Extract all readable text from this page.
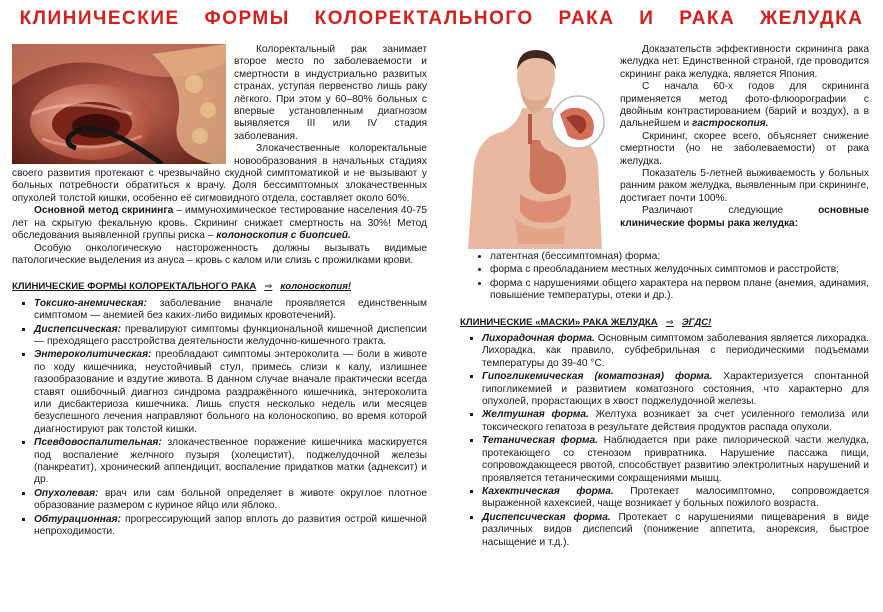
КЛИНИЧЕСКИЕ ФОРМЫ КОЛОРЕКТАЛЬНОГО РАКА И РАКА ЖЕЛУДКА

Колоректальный рак занимает второе место по заболеваемости и смертности в индустриально развитых странах, уступая первенство лишь раку лёгкого. При этом у 60–80% больных с впервые установленным диагнозом выявляется III или IV стадия заболевания.

Злокачественные колоректальные новообразования в начальных стадиях своего развития протекают с чрезвычайно скудной симптоматикой и не вызывают у больных потребности обратиться к врачу. Доля бессимптомных злокачественных опухолей толстой кишки, особенно её сигмовидного отдела, составляет около 60%.

Основной метод скрининга – иммунохимическое тестирование населения 40-75 лет на скрытую фекальную кровь. Скрининг снижает смертность на 30%! Метод обследования выявленной группы риска – колоноскопия с биопсией.

Особую онкологическую настороженность должны вызывать видимые патологические выделения из ануса – кровь с калом или слизь с прожилками крови.

КЛИНИЧЕСКИЕ ФОРМЫ КОЛОРЕКТАЛЬНОГО РАКА ⇒ колоноскопия!
▪ Токсико-анемическая: заболевание вначале проявляется единственным симптомом — анемией без каких-либо видимых кровотечений).
▪ Диспепсическая: превалируют симптомы функциональной кишечной диспепсии — преходящего расстройства деятельности желудочно-кишечного тракта.
▪ Энтероколитическая: преобладают симптомы энтероколита — боли в животе по ходу кишечника, неустойчивый стул, примесь слизи к калу, излишнее газообразование и вздутие живота. В данном случае вначале практически всегда ставят ошибочный диагноз синдрома раздражённого кишечника, энтероколита или дисбактериоза кишечника. Лишь спустя несколько недель или месяцев безуспешного лечения направляют больного на колоноскопию, во время которой диагностируют рак толстой кишки.
▪ Псевдовоспалительная: злокачественное поражение кишечника маскируется под воспаление желчного пузыря (холецистит), поджелудочной железы (панкреатит), хронический аппендицит, воспаление придатков матки (аднексит) и др.
▪ Опухолевая: врач или сам больной определяет в животе округлое плотное образование размером с куриное яйцо или яблоко.
▪ Обтурационная: прогрессирующий запор вплоть до развития острой кишечной непроходимости.

Доказательств эффективности скрининга рака желудка нет. Единственной страной, где проводится скрининг рака желудка, является Япония.

С начала 60-х годов для скрининга применяется метод фото-флюорографии с двойным контрастированием (барий и воздух), а в дальнейшем и гастроскопия.

Скрининг, скорее всего, объясняет снижение смертности (но не заболеваемости) от рака желудка.

Показатель 5-летней выживаемость у больных ранним раком желудка, выявленным при скрининге, достигает почти 100%.

Различают следующие основные клинические формы рака желудка:

• латентная (бессимптомная) форма;
• форма с преобладанием местных желудочных симптомов и расстройств;
• форма с нарушениями общего характера на первом плане (анемия, адинамия, повышение температуры, отеки и др.).
КЛИНИЧЕСКИЕ «МАСКИ» РАКА ЖЕЛУДКА ⇒ ЭГДС!
▪ Лихорадочная форма. Основным симптомом заболевания является лихорадка. Лихорадка, как правило, субфебрильная с периодическими подъемами температуры до 39-40 °С.
▪ Гипогликемическая (коматозная) форма. Характеризуется спонтанной гипогликемией и развитием коматозного состояния, что характерно для опухолей, прорастающих в хвост поджелудочной железы.
▪ Желтушная форма. Желтуха возникает за счет усиленного гемолиза или токсического гепатоза в результате действия продуктов распада опухоли.
▪ Тетаническая форма. Наблюдается при раке пилорической части желудка, протекающего со стенозом привратника. Нарушение пассажа пищи, сопровождающееся рвотой, способствует развитию электролитных нарушений и проявляется тетаническими сокращениями мышц.
▪ Кахектическая форма. Протекает малосимптомно, сопровождается выраженной кахексией, чаще возникает у больных пожилого возраста.
▪ Диспепсическая форма. Протекает с нарушениями пищеварения в виде различных видов диспепсий (понижение аппетита, анорексия, быстрое насыщение и т.д.).
